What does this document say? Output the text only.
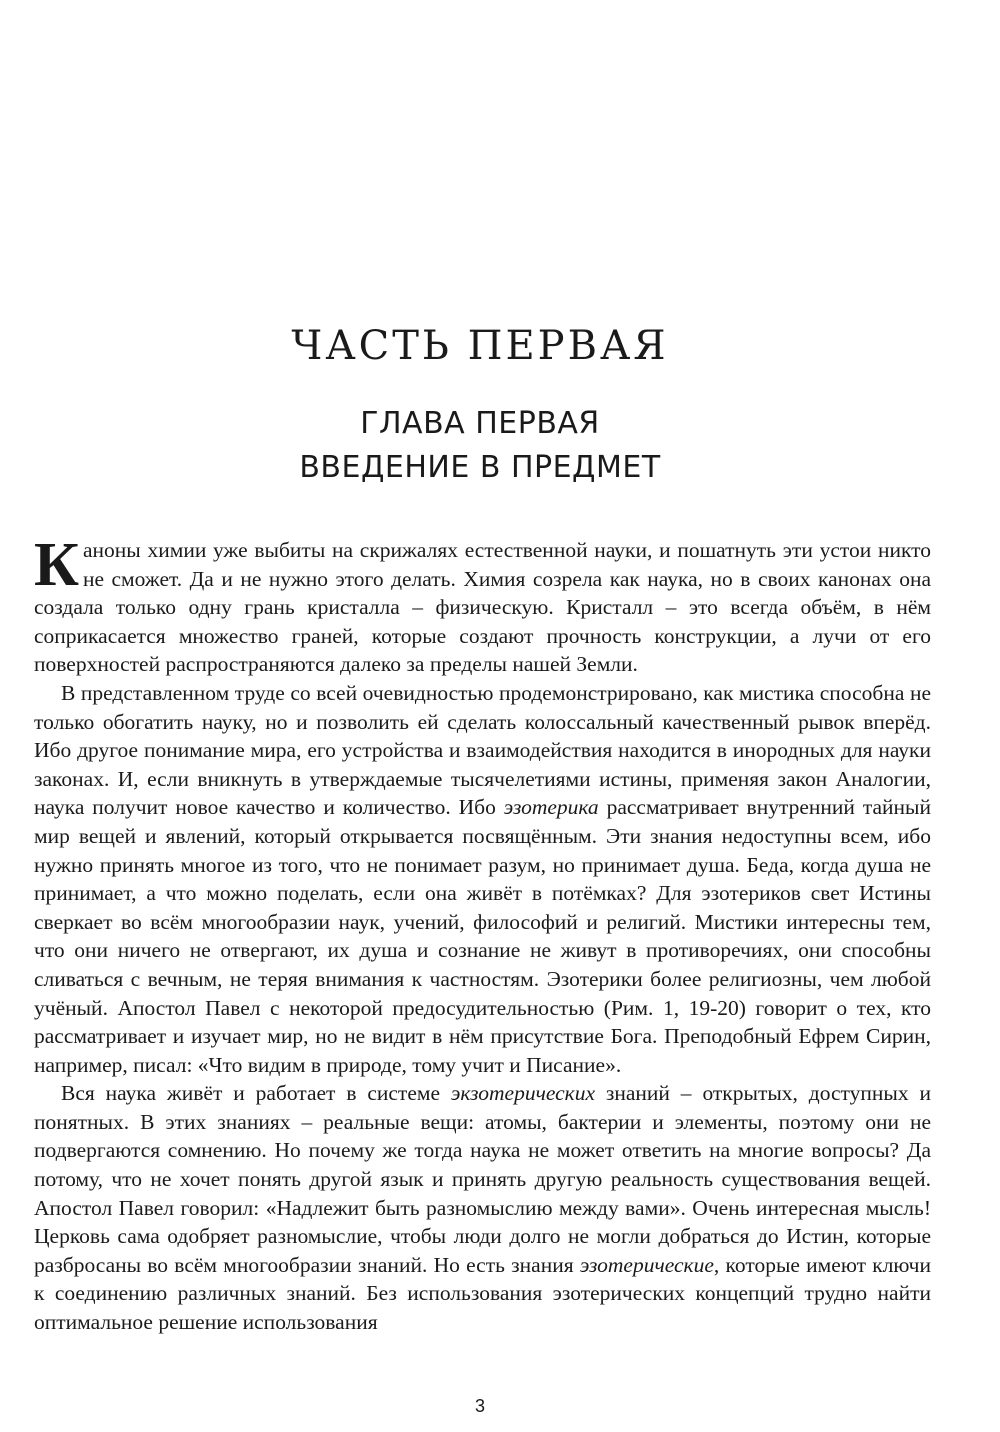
ЧАСТЬ ПЕРВАЯ
ГЛАВА ПЕРВАЯ
ВВЕДЕНИЕ В ПРЕДМЕТ

Каноны химии уже выбиты на скрижалях естественной науки, и пошатнуть эти устои никто не сможет. Да и не нужно этого делать. Химия созрела как наука, но в своих канонах она создала только одну грань кристалла – физическую. Кристалл – это всегда объём, в нём соприкасается множество граней, которые создают прочность конструкции, а лучи от его поверхностей распространяются далеко за пределы нашей Земли.

В представленном труде со всей очевидностью продемонстрировано, как мистика способна не только обогатить науку, но и позволить ей сделать колоссальный качественный рывок вперёд. Ибо другое понимание мира, его устройства и взаимодействия находится в инородных для науки законах. И, если вникнуть в утверждаемые тысячелетиями истины, применяя закон Аналогии, наука получит новое качество и количество. Ибо эзотерика рассматривает внутренний тайный мир вещей и явлений, который открывается посвящённым. Эти знания недоступны всем, ибо нужно принять многое из того, что не понимает разум, но принимает душа. Беда, когда душа не принимает, а что можно поделать, если она живёт в потёмках? Для эзотериков свет Истины сверкает во всём многообразии наук, учений, философий и религий. Мистики интересны тем, что они ничего не отвергают, их душа и сознание не живут в противоречиях, они способны сливаться с вечным, не теряя внимания к частностям. Эзотерики более религиозны, чем любой учёный. Апостол Павел с некоторой предосудительностью (Рим. 1, 19-20) говорит о тех, кто рассматривает и изучает мир, но не видит в нём присутствие Бога. Преподобный Ефрем Сирин, например, писал: «Что видим в природе, тому учит и Писание».

Вся наука живёт и работает в системе экзотерических знаний – открытых, доступных и понятных. В этих знаниях – реальные вещи: атомы, бактерии и элементы, поэтому они не подвергаются сомнению. Но почему же тогда наука не может ответить на многие вопросы? Да потому, что не хочет понять другой язык и принять другую реальность существования вещей. Апостол Павел говорил: «Надлежит быть разномыслию между вами». Очень интересная мысль! Церковь сама одобряет разномыслие, чтобы люди долго не могли добраться до Истин, которые разбросаны во всём многообразии знаний. Но есть знания эзотерические, которые имеют ключи к соединению различных знаний. Без использования эзотерических концепций трудно найти оптимальное решение использования

3
